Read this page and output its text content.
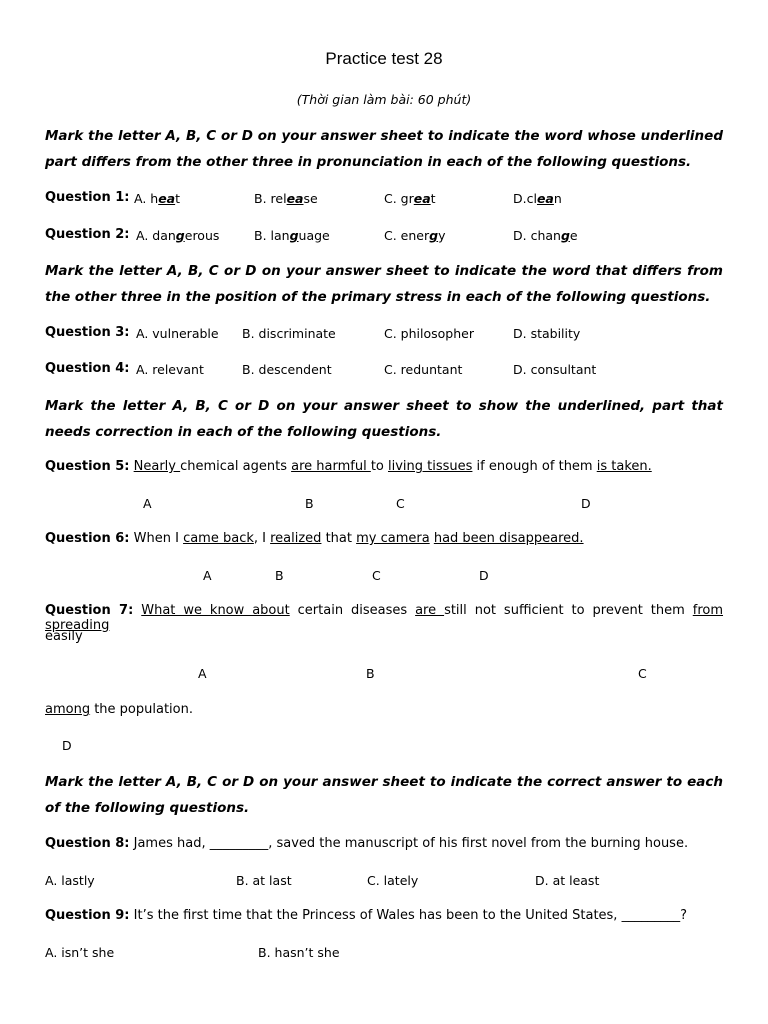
Practice test 28
(Thời gian làm bài: 60 phút)
Mark the letter A, B, C or D on your answer sheet to indicate the word whose underlined part differs from the other three in pronunciation in each of the following questions.
Question 1: A. heat	B. release	C. great	D.clean
Question 2: A. dangerous	B. language	C. energy	D. change
Mark the letter A, B, C or D on your answer sheet to indicate the word that differs from the other three in the position of the primary stress in each of the following questions.
Question 3: A. vulnerable B. discriminate	C. philosopher	D. stability
Question 4: A. relevant	B. descendent	C. reduntant	D. consultant
Mark the letter A, B, C or D on your answer sheet to show the underlined, part that needs correction in each of the following questions.
Question 5: Nearly chemical agents are harmful to living tissues if enough of them is taken.
A	B	C	D
Question 6: When I came back, I realized that my camera had been disappeared.
A	B	C	D
Question 7: What we know about certain diseases are still not sufficient to prevent them from spreading
easily
A	B	C
among the population.
D
Mark the letter A, B, C or D on your answer sheet to indicate the correct answer to each of the following questions.
Question 8: James had, _________, saved the manuscript of his first novel from the burning house.
A. lastly	B. at last	C. lately	D. at least
Question 9: It’s the first time that the Princess of Wales has been to the United States, _________?
A. isn’t she	B. hasn’t she
